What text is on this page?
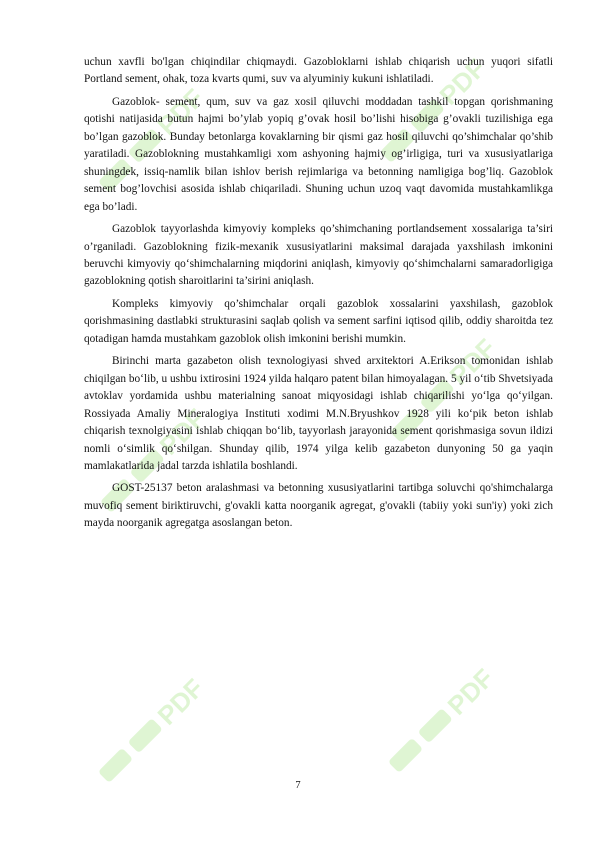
PDF
PDF
PDF
PDF
PDF	PDF

uchun xavfli bo'lgan chiqindilar chiqmaydi. Gazobloklarni ishlab chiqarish uchun yuqori sifatli Portland sement, ohak, toza kvarts qumi, suv va alyuminiy kukuni ishlatiladi.

Gazoblok- sement, qum, suv va gaz xosil qiluvchi moddadan tashkil topgan qorishmaning qotishi natijasida butun hajmi bo’ylab yopiq g’ovak hosil bo’lishi hisobiga g’ovakli tuzilishiga ega bo’lgan gazoblok. Bunday betonlarga kovaklarning bir qismi gaz hosil qiluvchi qo’shimchalar qo’shib yaratiladi. Gazoblokning mustahkamligi xom ashyoning hajmiy og’irligiga, turi va xususiyatlariga shuningdek, issiq-namlik bilan ishlov berish rejimlariga va betonning namligiga bog’liq. Gazoblok sement bog’lovchisi asosida ishlab chiqariladi. Shuning uchun uzoq vaqt davomida mustahkamlikga ega bo’ladi.

Gazoblok tayyorlashda kimyoviy kompleks qo’shimchaning portlandsement xossalariga ta’siri o’rganiladi. Gazoblokning fizik-mexanik xususiyatlarini maksimal darajada yaxshilash imkonini beruvchi kimyoviy qo‘shimchalarning miqdorini aniqlash, kimyoviy qo‘shimchalarni samaradorligiga gazoblokning qotish sharoitlarini ta’sirini aniqlash.

Kompleks kimyoviy qo’shimchalar orqali gazoblok xossalarini yaxshilash, gazoblok qorishmasining dastlabki strukturasini saqlab qolish va sement sarfini iqtisod qilib, oddiy sharoitda tez qotadigan hamda mustahkam gazoblok olish imkonini berishi mumkin.

Birinchi marta gazabeton olish texnologiyasi shved arxitektori A.Erikson tomonidan ishlab chiqilgan bo‘lib, u ushbu ixtirosini 1924 yilda halqaro patent bilan himoyalagan. 5 yil o‘tib Shvetsiyada avtoklav yordamida ushbu materialning sanoat miqyosidagi ishlab chiqarilishi yo‘lga qo‘yilgan. Rossiyada Amaliy Mineralogiya Instituti xodimi M.N.Bryushkov 1928 yili ko‘pik beton ishlab chiqarish texnolgiyasini ishlab chiqqan bo‘lib, tayyorlash jarayonida sement qorishmasiga sovun ildizi nomli o‘simlik qo‘shilgan. Shunday qilib, 1974 yilga kelib gazabeton dunyoning 50 ga yaqin mamlakatlarida jadal tarzda ishlatila boshlandi.

GOST-25137 beton aralashmasi va betonning xususiyatlarini tartibga soluvchi qo'shimchalarga muvofiq sement biriktiruvchi, g'ovakli katta noorganik agregat, g'ovakli (tabiiy yoki sun'iy) yoki zich mayda noorganik agregatga asoslangan beton.

7
